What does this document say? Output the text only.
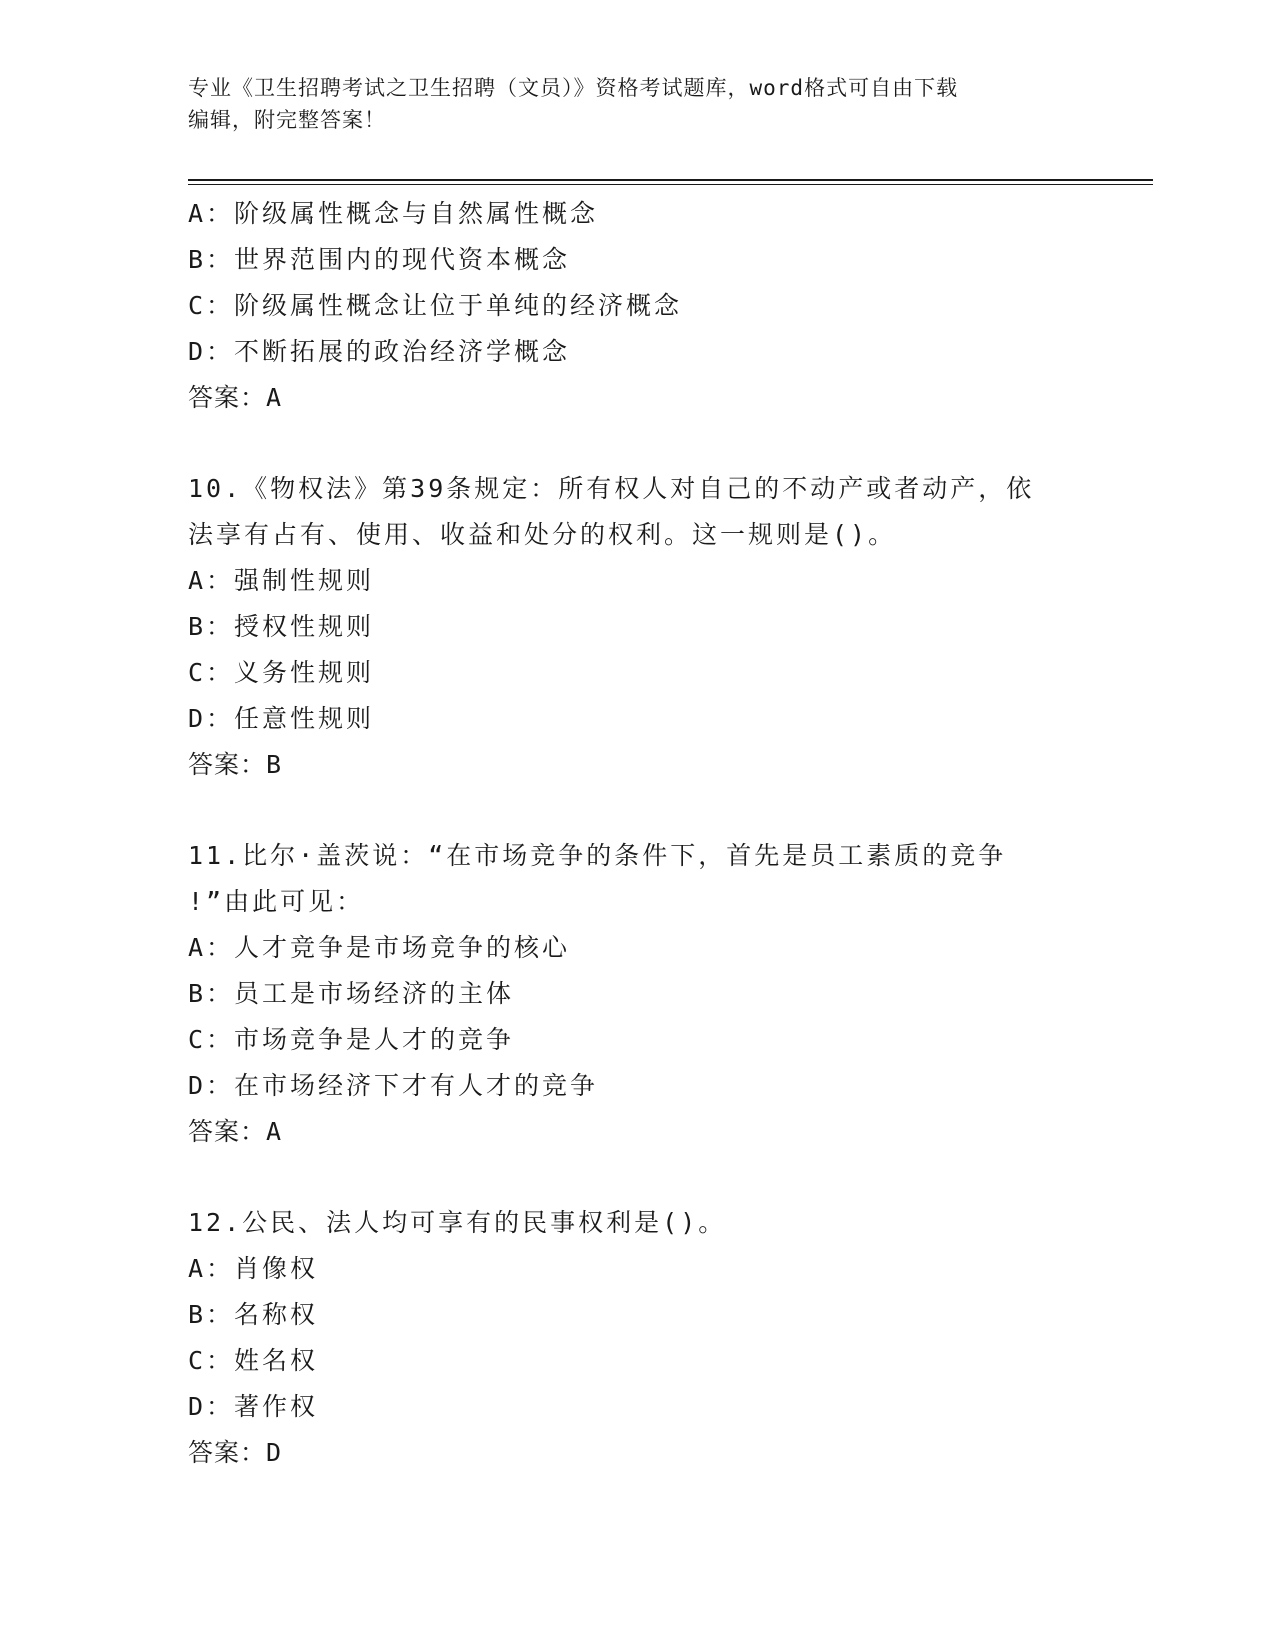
专业《卫生招聘考试之卫生招聘（文员）》资格考试题库，word格式可自由下载
编辑，附完整答案！
A：阶级属性概念与自然属性概念
B：世界范围内的现代资本概念
C：阶级属性概念让位于单纯的经济概念
D：不断拓展的政治经济学概念
答案：A
10.《物权法》第39条规定：所有权人对自己的不动产或者动产，依
法享有占有、使用、收益和处分的权利。这一规则是()。
A：强制性规则
B：授权性规则
C：义务性规则
D：任意性规则
答案：B
11.比尔·盖茨说：“在市场竞争的条件下，首先是员工素质的竞争
!”由此可见：
A：人才竞争是市场竞争的核心
B：员工是市场经济的主体
C：市场竞争是人才的竞争
D：在市场经济下才有人才的竞争
答案：A
12.公民、法人均可享有的民事权利是()。
A：肖像权
B：名称权
C：姓名权
D：著作权
答案：D
